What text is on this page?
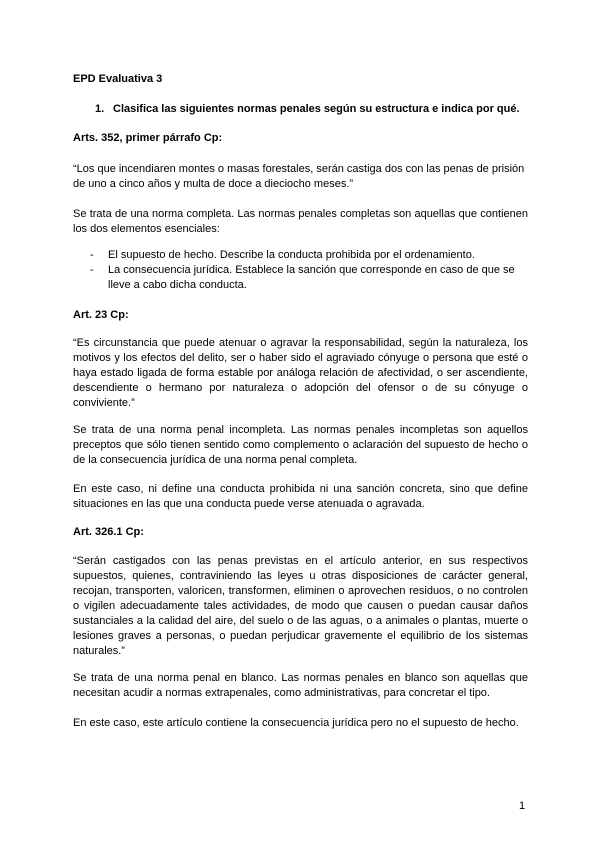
EPD Evaluativa 3

1. Clasifica las siguientes normas penales según su estructura e indica por qué.

Arts. 352, primer párrafo Cp:

“Los que incendiaren montes o masas forestales, serán castiga dos con las penas de prisión de uno a cinco años y multa de doce a dieciocho meses.”

Se trata de una norma completa. Las normas penales completas son aquellas que contienen los dos elementos esenciales:

- El supuesto de hecho. Describe la conducta prohibida por el ordenamiento.
- La consecuencia jurídica. Establece la sanción que corresponde en caso de que se lleve a cabo dicha conducta.

Art. 23 Cp:

“Es circunstancia que puede atenuar o agravar la responsabilidad, según la naturaleza, los motivos y los efectos del delito, ser o haber sido el agraviado cónyuge o persona que esté o haya estado ligada de forma estable por análoga relación de afectividad, o ser ascendiente, descendiente o hermano por naturaleza o adopción del ofensor o de su cónyuge o conviviente.”

Se trata de una norma penal incompleta. Las normas penales incompletas son aquellos preceptos que sólo tienen sentido como complemento o aclaración del supuesto de hecho o de la consecuencia jurídica de una norma penal completa.

En este caso, ni define una conducta prohibida ni una sanción concreta, sino que define situaciones en las que una conducta puede verse atenuada o agravada.

Art. 326.1 Cp:

“Serán castigados con las penas previstas en el artículo anterior, en sus respectivos supuestos, quienes, contraviniendo las leyes u otras disposiciones de carácter general, recojan, transporten, valoricen, transformen, eliminen o aprovechen residuos, o no controlen o vigilen adecuadamente tales actividades, de modo que causen o puedan causar daños sustanciales a la calidad del aire, del suelo o de las aguas, o a animales o plantas, muerte o lesiones graves a personas, o puedan perjudicar gravemente el equilibrio de los sistemas naturales.”

Se trata de una norma penal en blanco. Las normas penales en blanco son aquellas que necesitan acudir a normas extrapenales, como administrativas, para concretar el tipo.

En este caso, este artículo contiene la consecuencia jurídica pero no el supuesto de hecho.

1
